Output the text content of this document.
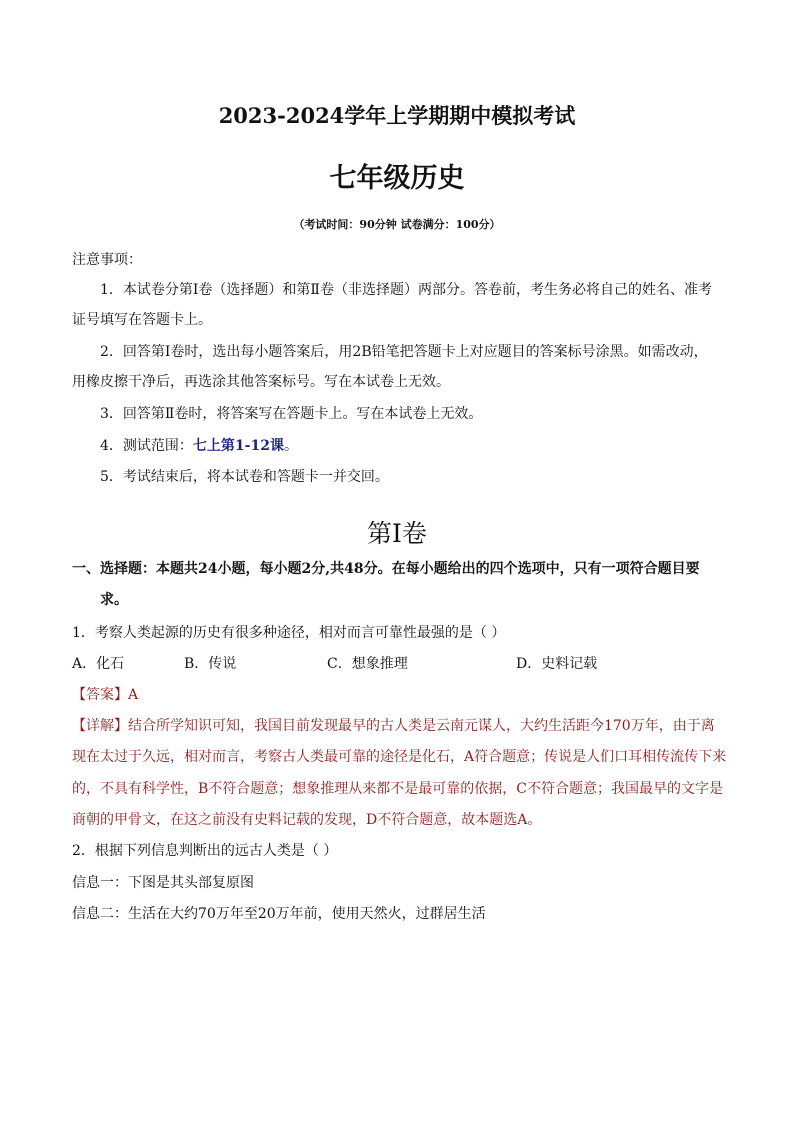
2023-2024学年上学期期中模拟考试
七年级历史
（考试时间：90分钟 试卷满分：100分）
注意事项：
1．本试卷分第Ⅰ卷（选择题）和第Ⅱ卷（非选择题）两部分。答卷前，考生务必将自己的姓名、准考
证号填写在答题卡上。
2．回答第Ⅰ卷时，选出每小题答案后，用2B铅笔把答题卡上对应题目的答案标号涂黑。如需改动，
用橡皮擦干净后，再选涂其他答案标号。写在本试卷上无效。
3．回答第Ⅱ卷时，将答案写在答题卡上。写在本试卷上无效。
4．测试范围：七上第1-12课。
5．考试结束后，将本试卷和答题卡一并交回。
第Ⅰ卷
一、选择题：本题共24小题，每小题2分,共48分。在每小题给出的四个选项中，只有一项符合题目要
求。
1．考察人类起源的历史有很多种途径，相对而言可靠性最强的是（ ）
A．化石	B．传说	C．想象推理	D．史料记载
【答案】A
【详解】结合所学知识可知，我国目前发现最早的古人类是云南元谋人，大约生活距今170万年，由于离
现在太过于久远，相对而言，考察古人类最可靠的途径是化石，A符合题意；传说是人们口耳相传流传下来
的，不具有科学性，B不符合题意；想象推理从来都不是最可靠的依据，C不符合题意；我国最早的文字是
商朝的甲骨文，在这之前没有史料记载的发现，D不符合题意，故本题选A。
2．根据下列信息判断出的远古人类是（ ）
信息一：下图是其头部复原图
信息二：生活在大约70万年至20万年前，使用天然火，过群居生活
